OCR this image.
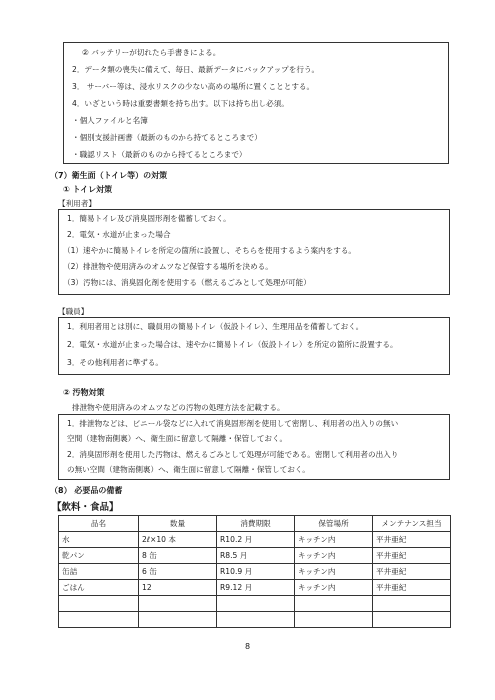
② バッテリーが切れたら手書きによる。
2．データ類の喪失に備えて、毎日、最新データにバックアップを行う。
3． サーバー等は、浸水リスクの少ない高めの場所に置くこととする。
4．いざという時は重要書類を持ち出す。以下は持ち出し必須。
・個人ファイルと名簿
・個別支援計画書（最新のものから持てるところまで）
・職認リスト（最新のものから持てるところまで）
（7）衛生面（トイレ等）の対策
① トイレ対策
【利用者】
1．簡易トイレ及び消臭固形剤を備蓄しておく。
2．電気・水道が止まった場合
（1）速やかに簡易トイレを所定の箇所に設置し、そちらを使用するよう案内をする。
（2）排泄物や使用済みのオムツなど保管する場所を決める。
（3）汚物には、消臭固化剤を使用する（燃えるごみとして処理が可能）
【職員】
1．利用者用とは別に、職員用の簡易トイレ（仮設トイレ）、生理用品を備蓄しておく。
2．電気・水道が止まった場合は、速やかに簡易トイレ（仮設トイレ）を所定の箇所に設置する。
3．その他利用者に準ずる。
② 汚物対策
排泄物や使用済みのオムツなどの汚物の処理方法を記載する。
1．排泄物などは、ビニール袋などに入れて消臭固形剤を使用して密閉し、利用者の出入りの無い
空間（建物南側裏）へ、衛生面に留意して隔離・保管しておく。
2．消臭固形剤を使用した汚物は、燃えるごみとして処理が可能である。密閉して利用者の出入り
の無い空間（建物南側裏）へ、衛生面に留意して隔離・保管しておく。
（8） 必要品の備蓄
【飲料・食品】
品名	数量	消費期限	保管場所	メンテナンス担当
水	2ℓ×10 本	R10.2 月	キッチン内	平井亜紀
乾パン	8 缶	R8.5 月	キッチン内	平井亜紀
缶詰	6 缶	R10.9 月	キッチン内	平井亜紀
ごはん	12	R9.12 月	キッチン内	平井亜紀

8
